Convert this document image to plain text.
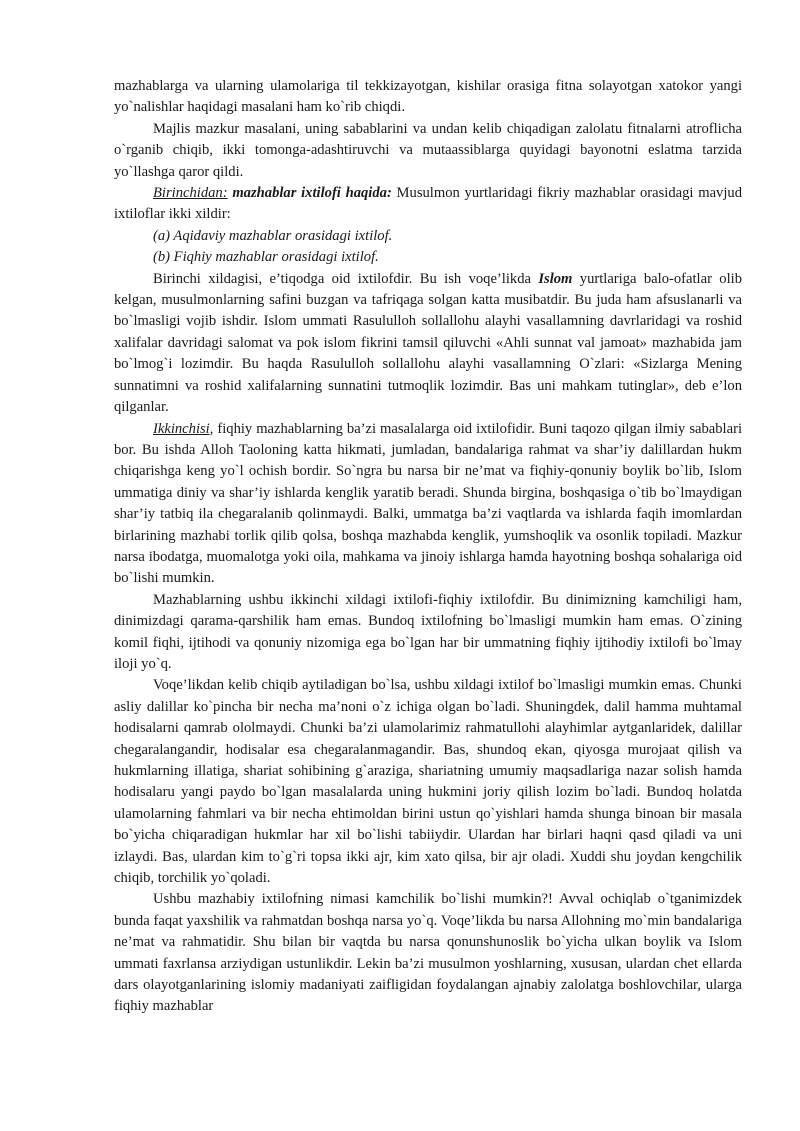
mazhablarga va ularning ulamolariga til tekkizayotgan, kishilar orasiga fitna solayotgan xatokor yangi yo`nalishlar haqidagi masalani ham ko`rib chiqdi.

Majlis mazkur masalani, uning sabablarini va undan kelib chiqadigan zalolatu fitnalarni atroflicha o`rganib chiqib, ikki tomonga-adashtiruvchi va mutaassiblarga quyidagi bayonotni eslatma tarzida yo`llashga qaror qildi.

Birinchidan: mazhablar ixtilofi haqida: Musulmon yurtlaridagi fikriy mazhablar orasidagi mavjud ixtiloflar ikki xildir:

(a) Aqidaviy mazhablar orasidagi ixtilof.

(b) Fiqhiy mazhablar orasidagi ixtilof.

Birinchi xildagisi, e’tiqodga oid ixtilofdir. Bu ish voqe’likda Islom yurtlariga balo-ofatlar olib kelgan, musulmonlarning safini buzgan va tafriqaga solgan katta musibatdir. Bu juda ham afsuslanarli va bo`lmasligi vojib ishdir. Islom ummati Rasululloh sollallohu alayhi vasallamning davrlaridagi va roshid xalifalar davridagi salomat va pok islom fikrini tamsil qiluvchi «Ahli sunnat val jamoat» mazhabida jam bo`lmog`i lozimdir. Bu haqda Rasululloh sollallohu alayhi vasallamning O`zlari: «Sizlarga Mening sunnatimni va roshid xalifalarning sunnatini tutmoqlik lozimdir. Bas uni mahkam tutinglar», deb e’lon qilganlar.

Ikkinchisi, fiqhiy mazhablarning ba’zi masalalarga oid ixtilofidir. Buni taqozo qilgan ilmiy sabablari bor. Bu ishda Alloh Taoloning katta hikmati, jumladan, bandalariga rahmat va shar’iy dalillardan hukm chiqarishga keng yo`l ochish bordir. So`ngra bu narsa bir ne’mat va fiqhiy-qonuniy boylik bo`lib, Islom ummatiga diniy va shar’iy ishlarda kenglik yaratib beradi. Shunda birgina, boshqasiga o`tib bo`lmaydigan shar’iy tatbiq ila chegaralanib qolinmaydi. Balki, ummatga ba’zi vaqtlarda va ishlarda faqih imomlardan birlarining mazhabi torlik qilib qolsa, boshqa mazhabda kenglik, yumshoqlik va osonlik topiladi. Mazkur narsa ibodatga, muomalotga yoki oila, mahkama va jinoiy ishlarga hamda hayotning boshqa sohalariga oid bo`lishi mumkin.

Mazhablarning ushbu ikkinchi xildagi ixtilofi-fiqhiy ixtilofdir. Bu dinimizning kamchiligi ham, dinimizdagi qarama-qarshilik ham emas. Bundoq ixtilofning bo`lmasligi mumkin ham emas. O`zining komil fiqhi, ijtihodi va qonuniy nizomiga ega bo`lgan har bir ummatning fiqhiy ijtihodiy ixtilofi bo`lmay iloji yo`q.

Voqe’likdan kelib chiqib aytiladigan bo`lsa, ushbu xildagi ixtilof bo`lmasligi mumkin emas. Chunki asliy dalillar ko`pincha bir necha ma’noni o`z ichiga olgan bo`ladi. Shuningdek, dalil hamma muhtamal hodisalarni qamrab ololmaydi. Chunki ba’zi ulamolarimiz rahmatullohi alayhimlar aytganlaridek, dalillar chegaralangandir, hodisalar esa chegaralanmagandir. Bas, shundoq ekan, qiyosga murojaat qilish va hukmlarning illatiga, shariat sohibining g`araziga, shariatning umumiy maqsadlariga nazar solish hamda hodisalaru yangi paydo bo`lgan masalalarda uning hukmini joriy qilish lozim bo`ladi. Bundoq holatda ulamolarning fahmlari va bir necha ehtimoldan birini ustun qo`yishlari hamda shunga binoan bir masala bo`yicha chiqaradigan hukmlar har xil bo`lishi tabiiydir. Ulardan har birlari haqni qasd qiladi va uni izlaydi. Bas, ulardan kim to`g`ri topsa ikki ajr, kim xato qilsa, bir ajr oladi. Xuddi shu joydan kengchilik chiqib, torchilik yo`qoladi.

Ushbu mazhabiy ixtilofning nimasi kamchilik bo`lishi mumkin?! Avval ochiqlab o`tganimizdek bunda faqat yaxshilik va rahmatdan boshqa narsa yo`q. Voqe’likda bu narsa Allohning mo`min bandalariga ne’mat va rahmatidir. Shu bilan bir vaqtda bu narsa qonunshunoslik bo`yicha ulkan boylik va Islom ummati faxrlansa arziydigan ustunlikdir. Lekin ba’zi musulmon yoshlarning, xususan, ulardan chet ellarda dars olayotganlarining islomiy madaniyati zaifligidan foydalangan ajnabiy zalolatga boshlovchilar, ularga fiqhiy mazhablar
